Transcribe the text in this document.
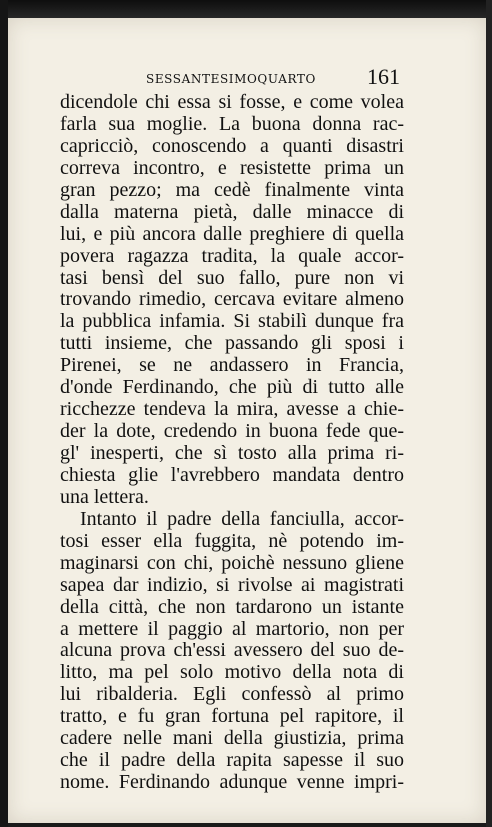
SESSANTESIMOQUARTO 161
dicendole chi essa si fosse, e come volea
farla sua moglie. La buona donna rac-
capricciò, conoscendo a quanti disastri
correva incontro, e resistette prima un
gran pezzo; ma cedè finalmente vinta
dalla materna pietà, dalle minacce di
lui, e più ancora dalle preghiere di quella
povera ragazza tradita, la quale accor-
tasi bensì del suo fallo, pure non vi
trovando rimedio, cercava evitare almeno
la pubblica infamia. Si stabilì dunque fra
tutti insieme, che passando gli sposi i
Pirenei, se ne andassero in Francia,
d'onde Ferdinando, che più di tutto alle
ricchezze tendeva la mira, avesse a chie-
der la dote, credendo in buona fede que-
gl' inesperti, che sì tosto alla prima ri-
chiesta glie l'avrebbero mandata dentro
una lettera.
Intanto il padre della fanciulla, accor-
tosi esser ella fuggita, nè potendo im-
maginarsi con chi, poichè nessuno gliene
sapea dar indizio, si rivolse ai magistrati
della città, che non tardarono un istante
a mettere il paggio al martorio, non per
alcuna prova ch'essi avessero del suo de-
litto, ma pel solo motivo della nota di
lui ribalderia. Egli confessò al primo
tratto, e fu gran fortuna pel rapitore, il
cadere nelle mani della giustizia, prima
che il padre della rapita sapesse il suo
nome. Ferdinando adunque venne impri-
